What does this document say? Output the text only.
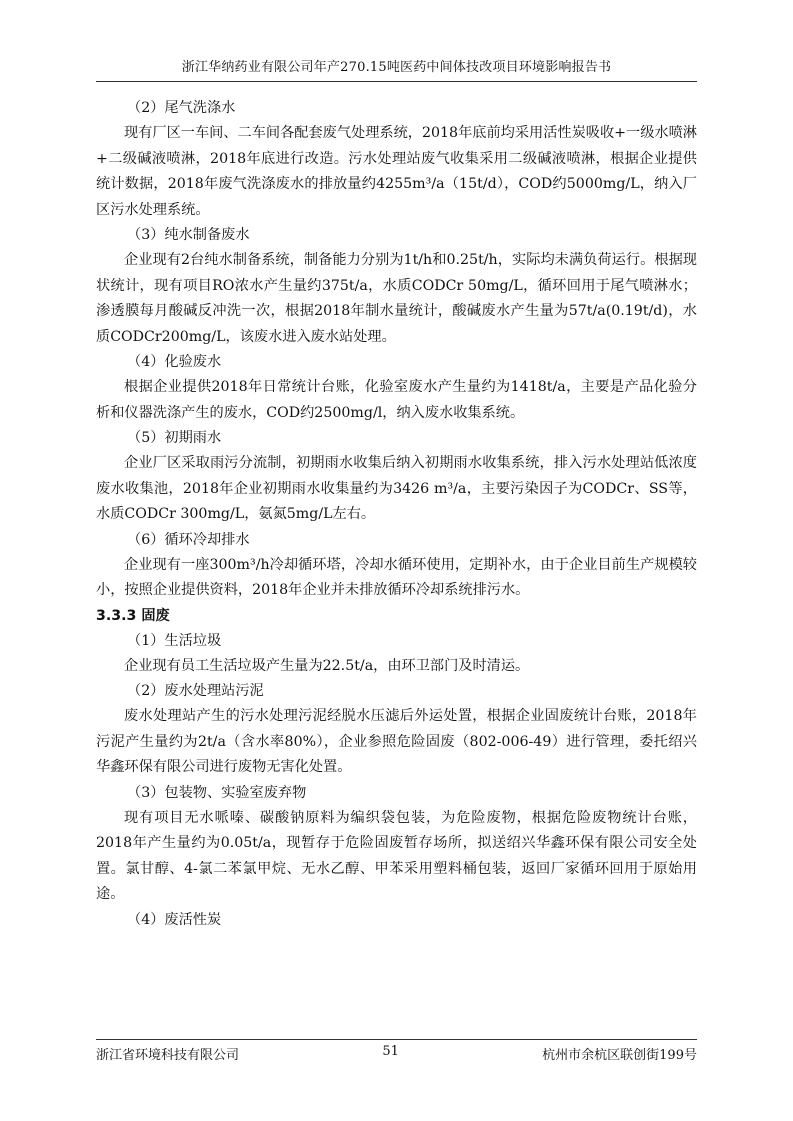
浙江华纳药业有限公司年产270.15吨医药中间体技改项目环境影响报告书
（2）尾气洗涤水
现有厂区一车间、二车间各配套废气处理系统，2018年底前均采用活性炭吸收+一级水喷淋+二级碱液喷淋，2018年底进行改造。污水处理站废气收集采用二级碱液喷淋，根据企业提供统计数据，2018年废气洗涤废水的排放量约4255m³/a（15t/d），COD约5000mg/L，纳入厂区污水处理系统。
（3）纯水制备废水
企业现有2台纯水制备系统，制备能力分别为1t/h和0.25t/h，实际均未满负荷运行。根据现状统计，现有项目RO浓水产生量约375t/a，水质CODCr 50mg/L，循环回用于尾气喷淋水；渗透膜每月酸碱反冲洗一次，根据2018年制水量统计，酸碱废水产生量为57t/a(0.19t/d)，水质CODCr200mg/L，该废水进入废水站处理。
（4）化验废水
根据企业提供2018年日常统计台账，化验室废水产生量约为1418t/a，主要是产品化验分析和仪器洗涤产生的废水，COD约2500mg/l，纳入废水收集系统。
（5）初期雨水
企业厂区采取雨污分流制，初期雨水收集后纳入初期雨水收集系统，排入污水处理站低浓度废水收集池，2018年企业初期雨水收集量约为3426 m³/a，主要污染因子为CODCr、SS等，水质CODCr 300mg/L，氨氮5mg/L左右。
（6）循环冷却排水
企业现有一座300m³/h冷却循环塔，冷却水循环使用，定期补水，由于企业目前生产规模较小，按照企业提供资料，2018年企业并未排放循环冷却系统排污水。
3.3.3 固废
（1）生活垃圾
企业现有员工生活垃圾产生量为22.5t/a，由环卫部门及时清运。
（2）废水处理站污泥
废水处理站产生的污水处理污泥经脱水压滤后外运处置，根据企业固废统计台账，2018年污泥产生量约为2t/a（含水率80%），企业参照危险固废（802-006-49）进行管理，委托绍兴华鑫环保有限公司进行废物无害化处置。
（3）包装物、实验室废弃物
现有项目无水哌嗪、碳酸钠原料为编织袋包装，为危险废物，根据危险废物统计台账，2018年产生量约为0.05t/a，现暂存于危险固废暂存场所，拟送绍兴华鑫环保有限公司安全处置。氯甘醇、4-氯二苯氯甲烷、无水乙醇、甲苯采用塑料桶包装，返回厂家循环回用于原始用途。
（4）废活性炭
浙江省环境科技有限公司	51	杭州市余杭区联创街199号
